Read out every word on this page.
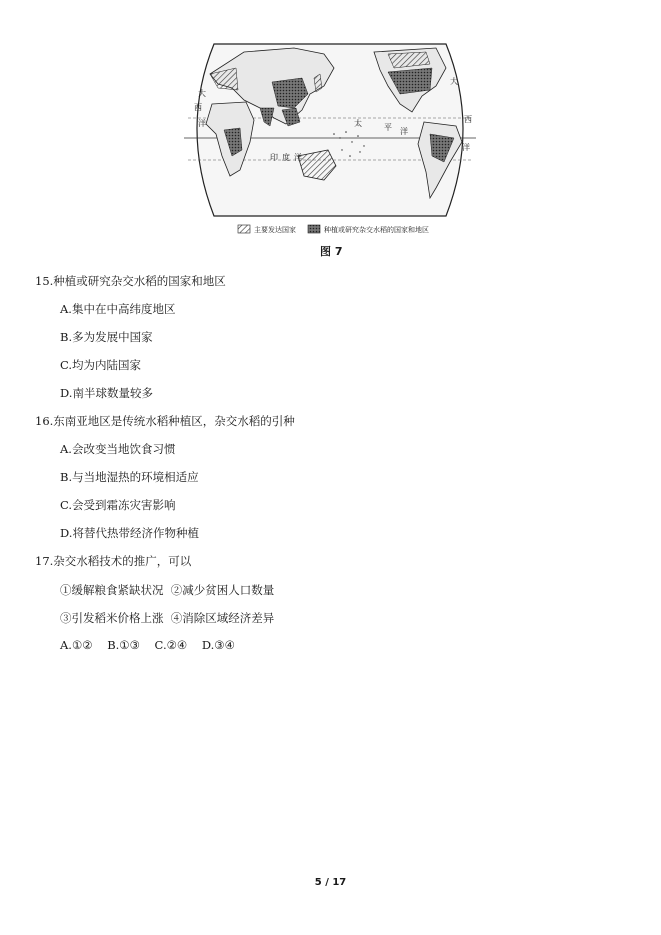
大
西
洋	太	平 洋
印 度 洋
大
西
洋
主要发达国家	种植或研究杂交水稻的国家和地区
图 7
15.种植或研究杂交水稻的国家和地区
A.集中在中高纬度地区
B.多为发展中国家
C.均为内陆国家
D.南半球数量较多
16.东南亚地区是传统水稻种植区，杂交水稻的引种
A.会改变当地饮食习惯
B.与当地湿热的环境相适应
C.会受到霜冻灾害影响
D.将替代热带经济作物种植
17.杂交水稻技术的推广，可以
①缓解粮食紧缺状况  ②减少贫困人口数量
③引发稻米价格上涨  ④消除区域经济差异
A.①②    B.①③    C.②④    D.③④
5 / 17
